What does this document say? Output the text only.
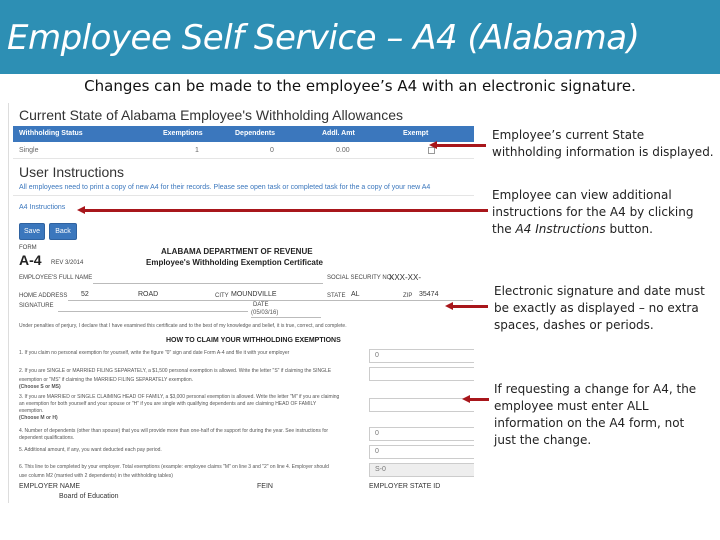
Employee Self Service – A4 (Alabama)
Changes can be made to the employee’s A4 with an electronic signature.
Current State of Alabama Employee's Withholding Allowances
Withholding Status	Exemptions	Dependents	Addl. Amt	Exempt
Single	1	0	0.00
User Instructions
All employees need to print a copy of new A4 for their records. Please see open task or completed task for the a copy of your new A4
A4 Instructions
Save	Back
FORM
A-4 REV 3/2014
ALABAMA DEPARTMENT OF REVENUE
Employee's Withholding Exemption Certificate
EMPLOYEE'S FULL NAME	SOCIAL SECURITY NO.
XXX-XX-
HOME ADDRESS 52	ROAD	CITY MOUNDVILLE	STATE AL	ZIP 35474
SIGNATURE	DATE
(05/03/16)
Under penalties of perjury, I declare that I have examined this certificate and to the best of my knowledge and belief, it is true, correct, and complete.
HOW TO CLAIM YOUR WITHHOLDING EXEMPTIONS
1. If you claim no personal exemption for yourself, write the figure "0" sign and date Form A-4 and file it with your employer	0
2. If you are SINGLE or MARRIED FILING SEPARATELY, a $1,500 personal exemption is allowed. Write the letter "S" if claiming the SINGLE
exemption or "MS" if claiming the MARRIED FILING SEPARATELY exemption.
(Choose S or MS)
3. If you are MARRIED or SINGLE CLAIMING HEAD OF FAMILY, a $3,000 personal exemption is allowed. Write the letter "M" if you are claiming
an exemption for both yourself and your spouse or "H" if you are single with qualifying dependents and are claiming HEAD OF FAMILY
exemption.
(Choose M or H)
4. Number of dependents (other than spouse) that you will provide more than one-half of the support for during the year. See instructions for
dependent qualifications.
0
5. Additional amount, if any, you want deducted each pay period.	0
6. This line to be completed by your employer. Total exemptions (example: employee claims "M" on line 3 and "2" on line 4. Employer should
use column M2 (married with 2 dependents) in the withholding tables)
S-0
EMPLOYER NAME	FEIN	EMPLOYER STATE ID
Board of Education
Employee’s current State withholding information is displayed.
Employee can view additional instructions for the A4 by clicking the A4 Instructions button.
Electronic signature and date must be exactly as displayed – no extra spaces, dashes or periods.
If requesting a change for A4, the employee must enter ALL information on the A4 form, not just the change.
